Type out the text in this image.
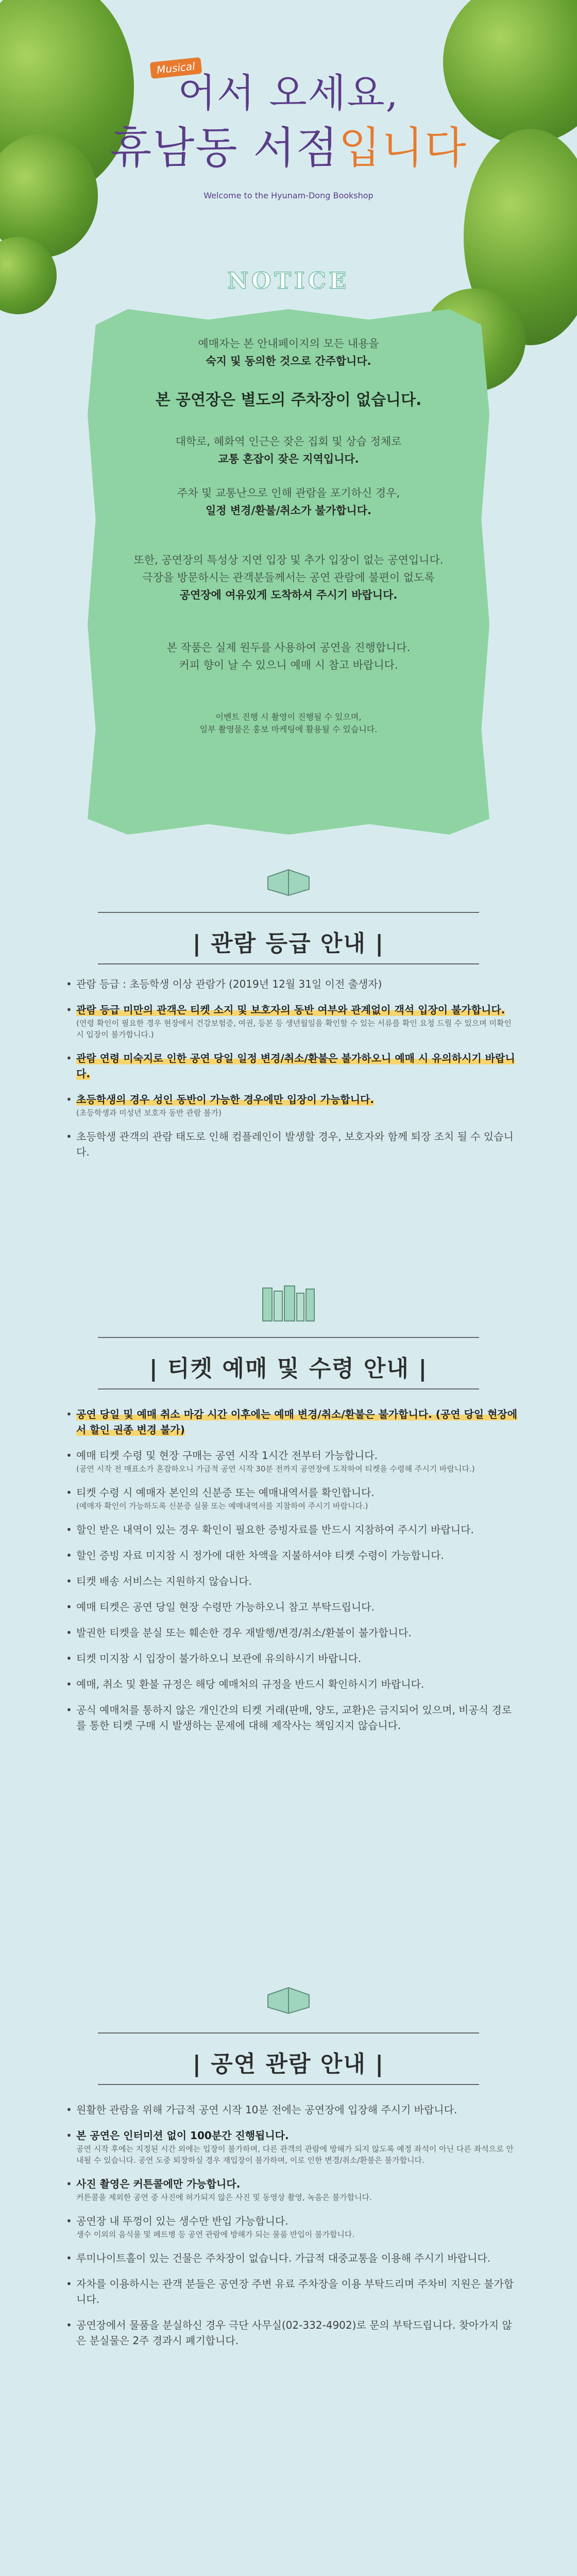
Musical
어서 오세요,
휴남동 서점입니다
Welcome to the Hyunam-Dong Bookshop
NOTICE
예매자는 본 안내페이지의 모든 내용을
숙지 및 동의한 것으로 간주합니다.
본 공연장은 별도의 주차장이 없습니다.
대학로, 혜화역 인근은 잦은 집회 및 상습 정체로
교통 혼잡이 잦은 지역입니다.
주차 및 교통난으로 인해 관람을 포기하신 경우,
일정 변경/환불/취소가 불가합니다.
또한, 공연장의 특성상 지연 입장 및 추가 입장이 없는 공연입니다.
극장을 방문하시는 관객분들께서는 공연 관람에 불편이 없도록
공연장에 여유있게 도착하셔 주시기 바랍니다.
본 작품은 실제 원두를 사용하여 공연을 진행합니다.
커피 향이 날 수 있으니 예매 시 참고 바랍니다.
이벤트 진행 시 촬영이 진행될 수 있으며,
일부 촬영물은 홍보 마케팅에 활용될 수 있습니다.
| 관람 등급 안내 |
• 관람 등급 : 초등학생 이상 관람가 (2019년 12월 31일 이전 출생자)
• 관람 등급 미만의 관객은 티켓 소지 및 보호자의 동반 여부와 관계없이 객석 입장이 불가합니다.
(연령 확인이 필요한 경우 현장에서 건강보험증, 여권, 등본 등 생년월일을 확인할 수 있는 서류를 확인 요청 드릴 수 있으며 미확인 시 입장이 불가합니다.)
• 관람 연령 미숙지로 인한 공연 당일 일정 변경/취소/환불은 불가하오니 예매 시 유의하시기 바랍니다.
• 초등학생의 경우 성인 동반이 가능한 경우에만 입장이 가능합니다.
(초등학생과 미성년 보호자 동반 관람 불가)
• 초등학생 관객의 관람 태도로 인해 컴플레인이 발생할 경우, 보호자와 함께 퇴장 조치 될 수 있습니다.
| 티켓 예매 및 수령 안내 |
• 공연 당일 및 예매 취소 마감 시간 이후에는 예매 변경/취소/환불은 불가합니다. (공연 당일 현장에서 할인 권종 변경 불가)
• 예매 티켓 수령 및 현장 구매는 공연 시작 1시간 전부터 가능합니다.
(공연 시작 전 매표소가 혼잡하오니 가급적 공연 시작 30분 전까지 공연장에 도착하여 티켓을 수령해 주시기 바랍니다.)
• 티켓 수령 시 예매자 본인의 신분증 또는 예매내역서를 확인합니다.
(예매자 확인이 가능하도록 신분증 실물 또는 예매내역서를 지참하여 주시기 바랍니다.)
• 할인 받은 내역이 있는 경우 확인이 필요한 증빙자료를 반드시 지참하여 주시기 바랍니다.
• 할인 증빙 자료 미지참 시 정가에 대한 차액을 지불하셔야 티켓 수령이 가능합니다.
• 티켓 배송 서비스는 지원하지 않습니다.
• 예매 티켓은 공연 당일 현장 수령만 가능하오니 참고 부탁드립니다.
• 발권한 티켓을 분실 또는 훼손한 경우 재발행/변경/취소/환불이 불가합니다.
• 티켓 미지참 시 입장이 불가하오니 보관에 유의하시기 바랍니다.
• 예매, 취소 및 환불 규정은 해당 예매처의 규정을 반드시 확인하시기 바랍니다.
• 공식 예매처를 통하지 않은 개인간의 티켓 거래(판매, 양도, 교환)은 금지되어 있으며, 비공식 경로를 통한 티켓 구매 시 발생하는 문제에 대해 제작사는 책임지지 않습니다.
| 공연 관람 안내 |
• 원활한 관람을 위해 가급적 공연 시작 10분 전에는 공연장에 입장해 주시기 바랍니다.
• 본 공연은 인터미션 없이 100분간 진행됩니다.
공연 시작 후에는 지정된 시간 외에는 입장이 불가하며, 다른 관객의 관람에 방해가 되지 않도록 예정 좌석이 아닌 다른 좌석으로 안내될 수 있습니다. 공연 도중 퇴장하실 경우 재입장이 불가하며, 이로 인한 변경/취소/환불은 불가합니다.
• 사진 촬영은 커튼콜에만 가능합니다.
커튼콜을 제외한 공연 중 사진에 허가되지 않은 사진 및 동영상 촬영, 녹음은 불가합니다.
• 공연장 내 뚜껑이 있는 생수만 반입 가능합니다.
생수 이외의 음식물 및 페트병 등 공연 관람에 방해가 되는 물품 반입이 불가합니다.
• 루미나이트홀이 있는 건물은 주차장이 없습니다. 가급적 대중교통을 이용해 주시기 바랍니다.
• 자차를 이용하시는 관객 분들은 공연장 주변 유료 주차장을 이용 부탁드리며 주차비 지원은 불가합니다.
• 공연장에서 물품을 분실하신 경우 극단 사무실(02-332-4902)로 문의 부탁드립니다. 찾아가지 않은 분실물은 2주 경과시 폐기합니다.
